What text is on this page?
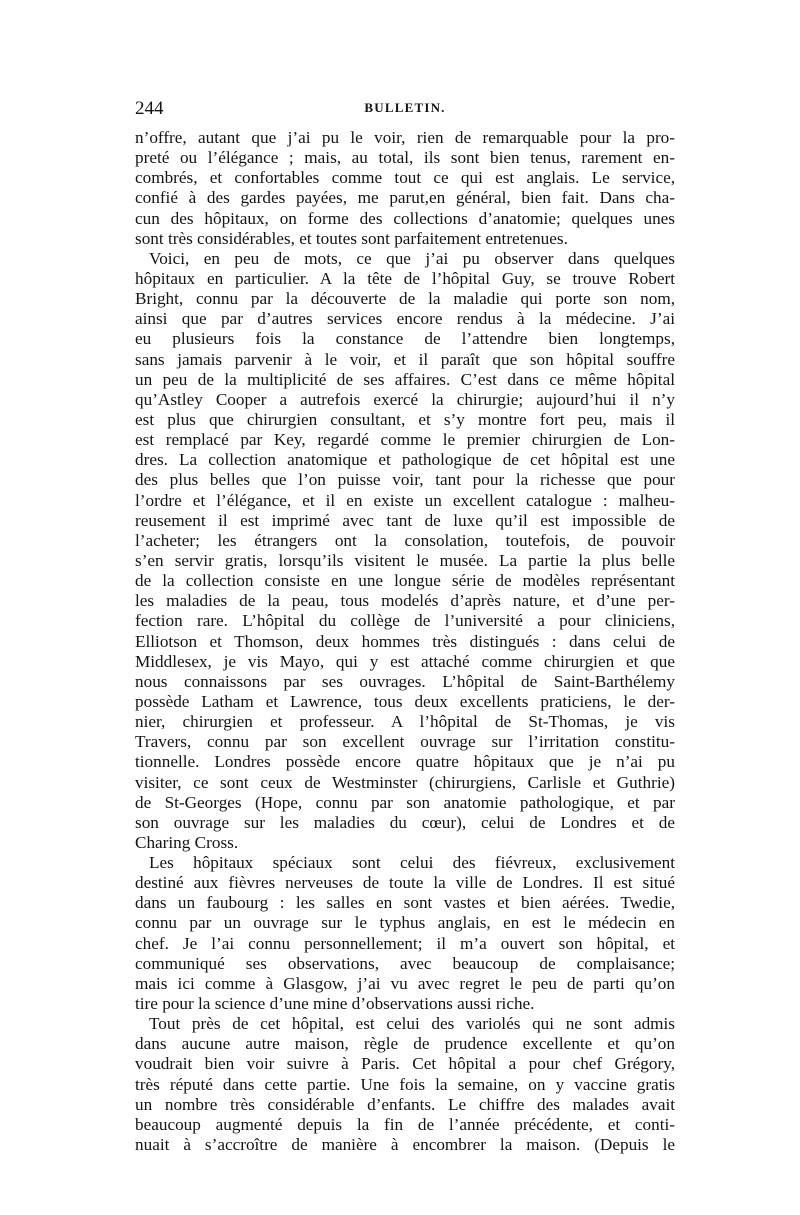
244	BULLETIN.
n’offre, autant que j’ai pu le voir, rien de remarquable pour la pro-
preté ou l’élégance ; mais, au total, ils sont bien tenus, rarement en-
combrés, et confortables comme tout ce qui est anglais. Le service,
confié à des gardes payées, me parut,en général, bien fait. Dans cha-
cun des hôpitaux, on forme des collections d’anatomie; quelques unes
sont très considérables, et toutes sont parfaitement entretenues.
Voici, en peu de mots, ce que j’ai pu observer dans quelques
hôpitaux en particulier. A la tête de l’hôpital Guy, se trouve Robert
Bright, connu par la découverte de la maladie qui porte son nom,
ainsi que par d’autres services encore rendus à la médecine. J’ai
eu plusieurs fois la constance de l’attendre bien longtemps,
sans jamais parvenir à le voir, et il paraît que son hôpital souffre
un peu de la multiplicité de ses affaires. C’est dans ce même hôpital
qu’Astley Cooper a autrefois exercé la chirurgie; aujourd’hui il n’y
est plus que chirurgien consultant, et s’y montre fort peu, mais il
est remplacé par Key, regardé comme le premier chirurgien de Lon-
dres. La collection anatomique et pathologique de cet hôpital est une
des plus belles que l’on puisse voir, tant pour la richesse que pour
l’ordre et l’élégance, et il en existe un excellent catalogue : malheu-
reusement il est imprimé avec tant de luxe qu’il est impossible de
l’acheter; les étrangers ont la consolation, toutefois, de pouvoir
s’en servir gratis, lorsqu’ils visitent le musée. La partie la plus belle
de la collection consiste en une longue série de modèles représentant
les maladies de la peau, tous modelés d’après nature, et d’une per-
fection rare. L’hôpital du collège de l’université a pour cliniciens,
Elliotson et Thomson, deux hommes très distingués : dans celui de
Middlesex, je vis Mayo, qui y est attaché comme chirurgien et que
nous connaissons par ses ouvrages. L’hôpital de Saint-Barthélemy
possède Latham et Lawrence, tous deux excellents praticiens, le der-
nier, chirurgien et professeur. A l’hôpital de St-Thomas, je vis
Travers, connu par son excellent ouvrage sur l’irritation constitu-
tionnelle. Londres possède encore quatre hôpitaux que je n’ai pu
visiter, ce sont ceux de Westminster (chirurgiens, Carlisle et Guthrie)
de St-Georges (Hope, connu par son anatomie pathologique, et par
son ouvrage sur les maladies du cœur), celui de Londres et de
Charing Cross.
Les hôpitaux spéciaux sont celui des fiévreux, exclusivement
destiné aux fièvres nerveuses de toute la ville de Londres. Il est situé
dans un faubourg : les salles en sont vastes et bien aérées. Twedie,
connu par un ouvrage sur le typhus anglais, en est le médecin en
chef. Je l’ai connu personnellement; il m’a ouvert son hôpital, et
communiqué ses observations, avec beaucoup de complaisance;
mais ici comme à Glasgow, j’ai vu avec regret le peu de parti qu’on
tire pour la science d’une mine d’observations aussi riche.
Tout près de cet hôpital, est celui des variolés qui ne sont admis
dans aucune autre maison, règle de prudence excellente et qu’on
voudrait bien voir suivre à Paris. Cet hôpital a pour chef Grégory,
très réputé dans cette partie. Une fois la semaine, on y vaccine gratis
un nombre très considérable d’enfants. Le chiffre des malades avait
beaucoup augmenté depuis la fin de l’année précédente, et conti-
nuait à s’accroître de manière à encombrer la maison. (Depuis le
